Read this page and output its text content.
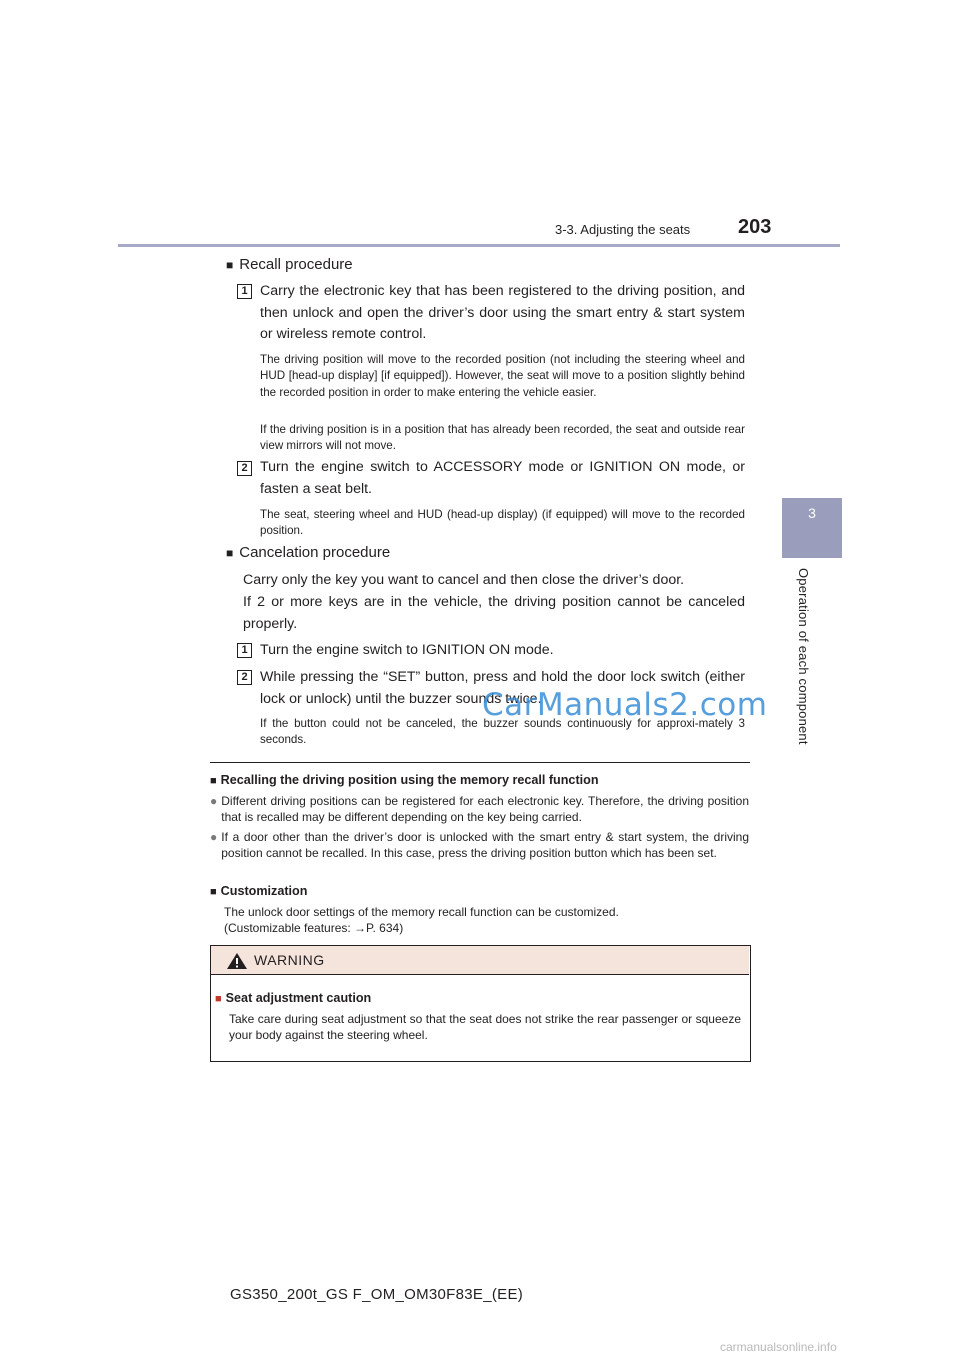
3-3. Adjusting the seats 203
3
Operation of each component
■ Recall procedure
1 Carry the electronic key that has been registered to the driving position, and then unlock and open the driver’s door using the smart entry & start system or wireless remote control.
The driving position will move to the recorded position (not including the steering wheel and HUD [head-up display] [if equipped]). However, the seat will move to a position slightly behind the recorded position in order to make entering the vehicle easier.
If the driving position is in a position that has already been recorded, the seat and outside rear view mirrors will not move.
2 Turn the engine switch to ACCESSORY mode or IGNITION ON mode, or fasten a seat belt.
The seat, steering wheel and HUD (head-up display) (if equipped) will move to the recorded position.
■ Cancelation procedure
Carry only the key you want to cancel and then close the driver’s door.
If 2 or more keys are in the vehicle, the driving position cannot be canceled properly.
1 Turn the engine switch to IGNITION ON mode.
2 While pressing the “SET” button, press and hold the door lock switch (either lock or unlock) until the buzzer sounds twice.
If the button could not be canceled, the buzzer sounds continuously for approxi-mately 3 seconds.
CarManuals2.com
■ Recalling the driving position using the memory recall function
● Different driving positions can be registered for each electronic key. Therefore, the driving position that is recalled may be different depending on the key being carried.
● If a door other than the driver’s door is unlocked with the smart entry & start system, the driving position cannot be recalled. In this case, press the driving position button which has been set.
■ Customization
The unlock door settings of the memory recall function can be customized.
(Customizable features: →P. 634)
WARNING
■ Seat adjustment caution
Take care during seat adjustment so that the seat does not strike the rear passenger or squeeze your body against the steering wheel.
GS350_200t_GS F_OM_OM30F83E_(EE)
carmanualsonline.info
